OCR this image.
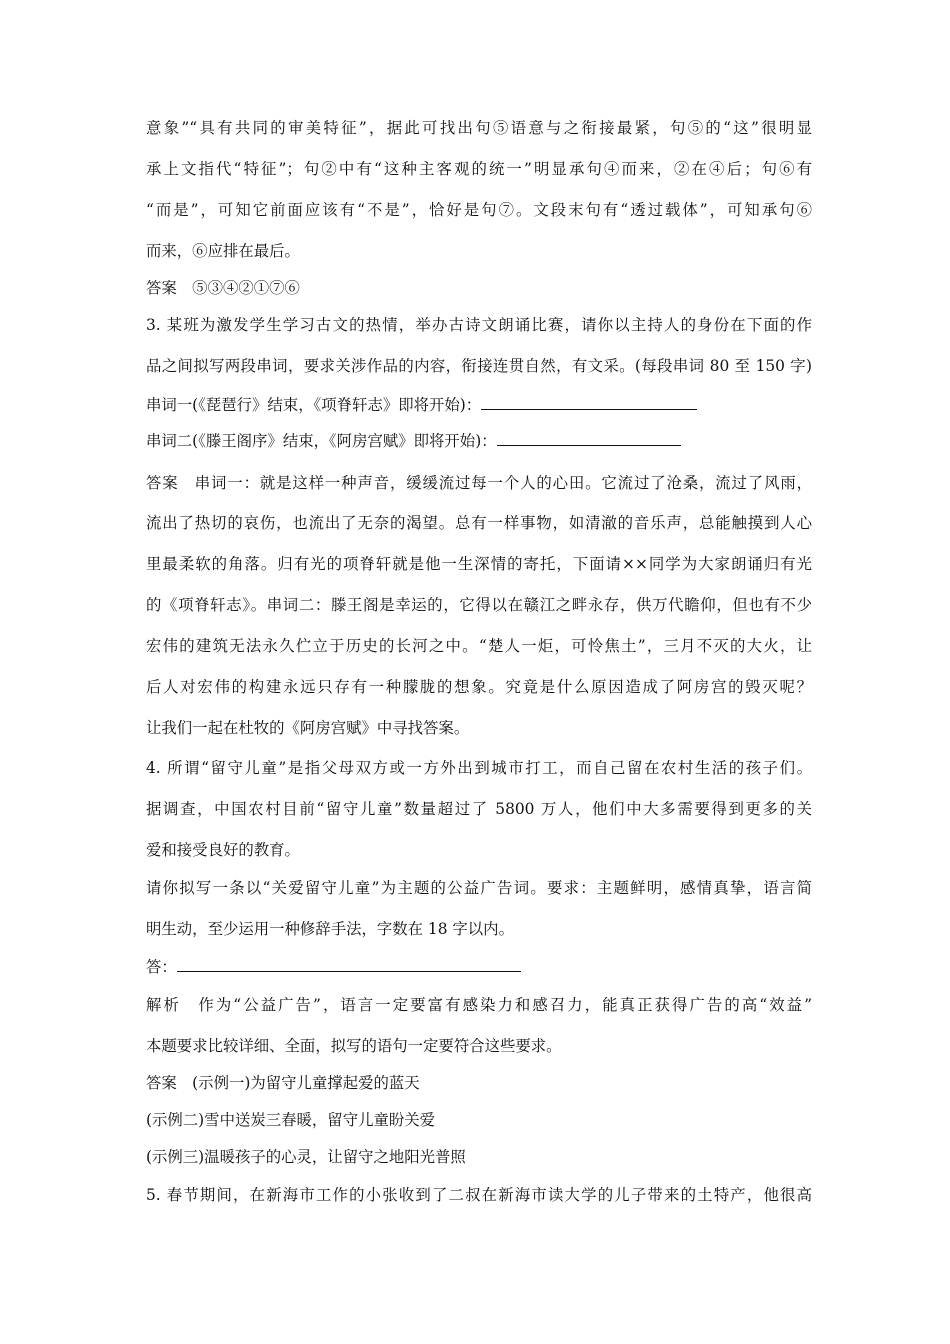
意象”“具有共同的审美特征”，据此可找出句⑤语意与之衔接最紧，句⑤的“这”很明显
承上文指代“特征”；句②中有“这种主客观的统一”明显承句④而来，②在④后；句⑥有
“而是”，可知它前面应该有“不是”，恰好是句⑦。文段末句有“透过载体”，可知承句⑥
而来，⑥应排在最后。
答案　⑤③④②①⑦⑥
3. 某班为激发学生学习古文的热情，举办古诗文朗诵比赛，请你以主持人的身份在下面的作
品之间拟写两段串词，要求关涉作品的内容，衔接连贯自然，有文采。(每段串词 80 至 150 字)
串词一(《琵琶行》结束，《项脊轩志》即将开始)：
串词二(《滕王阁序》结束，《阿房宫赋》即将开始)：
答案　串词一：就是这样一种声音，缓缓流过每一个人的心田。它流过了沧桑，流过了风雨，
流出了热切的哀伤，也流出了无奈的渴望。总有一样事物，如清澈的音乐声，总能触摸到人心
里最柔软的角落。归有光的项脊轩就是他一生深情的寄托，下面请××同学为大家朗诵归有光
的《项脊轩志》。串词二：滕王阁是幸运的，它得以在赣江之畔永存，供万代瞻仰，但也有不少
宏伟的建筑无法永久伫立于历史的长河之中。“楚人一炬，可怜焦土”，三月不灭的大火，让
后人对宏伟的构建永远只存有一种朦胧的想象。究竟是什么原因造成了阿房宫的毁灭呢？
让我们一起在杜牧的《阿房宫赋》中寻找答案。
4. 所谓“留守儿童”是指父母双方或一方外出到城市打工，而自己留在农村生活的孩子们。
据调查，中国农村目前“留守儿童”数量超过了 5800 万人，他们中大多需要得到更多的关
爱和接受良好的教育。
请你拟写一条以“关爱留守儿童”为主题的公益广告词。要求：主题鲜明，感情真挚，语言简
明生动，至少运用一种修辞手法，字数在 18 字以内。
答：
解析　作为“公益广告”，语言一定要富有感染力和感召力，能真正获得广告的高“效益”
本题要求比较详细、全面，拟写的语句一定要符合这些要求。
答案　(示例一)为留守儿童撑起爱的蓝天
(示例二)雪中送炭三春暖，留守儿童盼关爱
(示例三)温暖孩子的心灵，让留守之地阳光普照
5. 春节期间，在新海市工作的小张收到了二叔在新海市读大学的儿子带来的土特产，他很高
